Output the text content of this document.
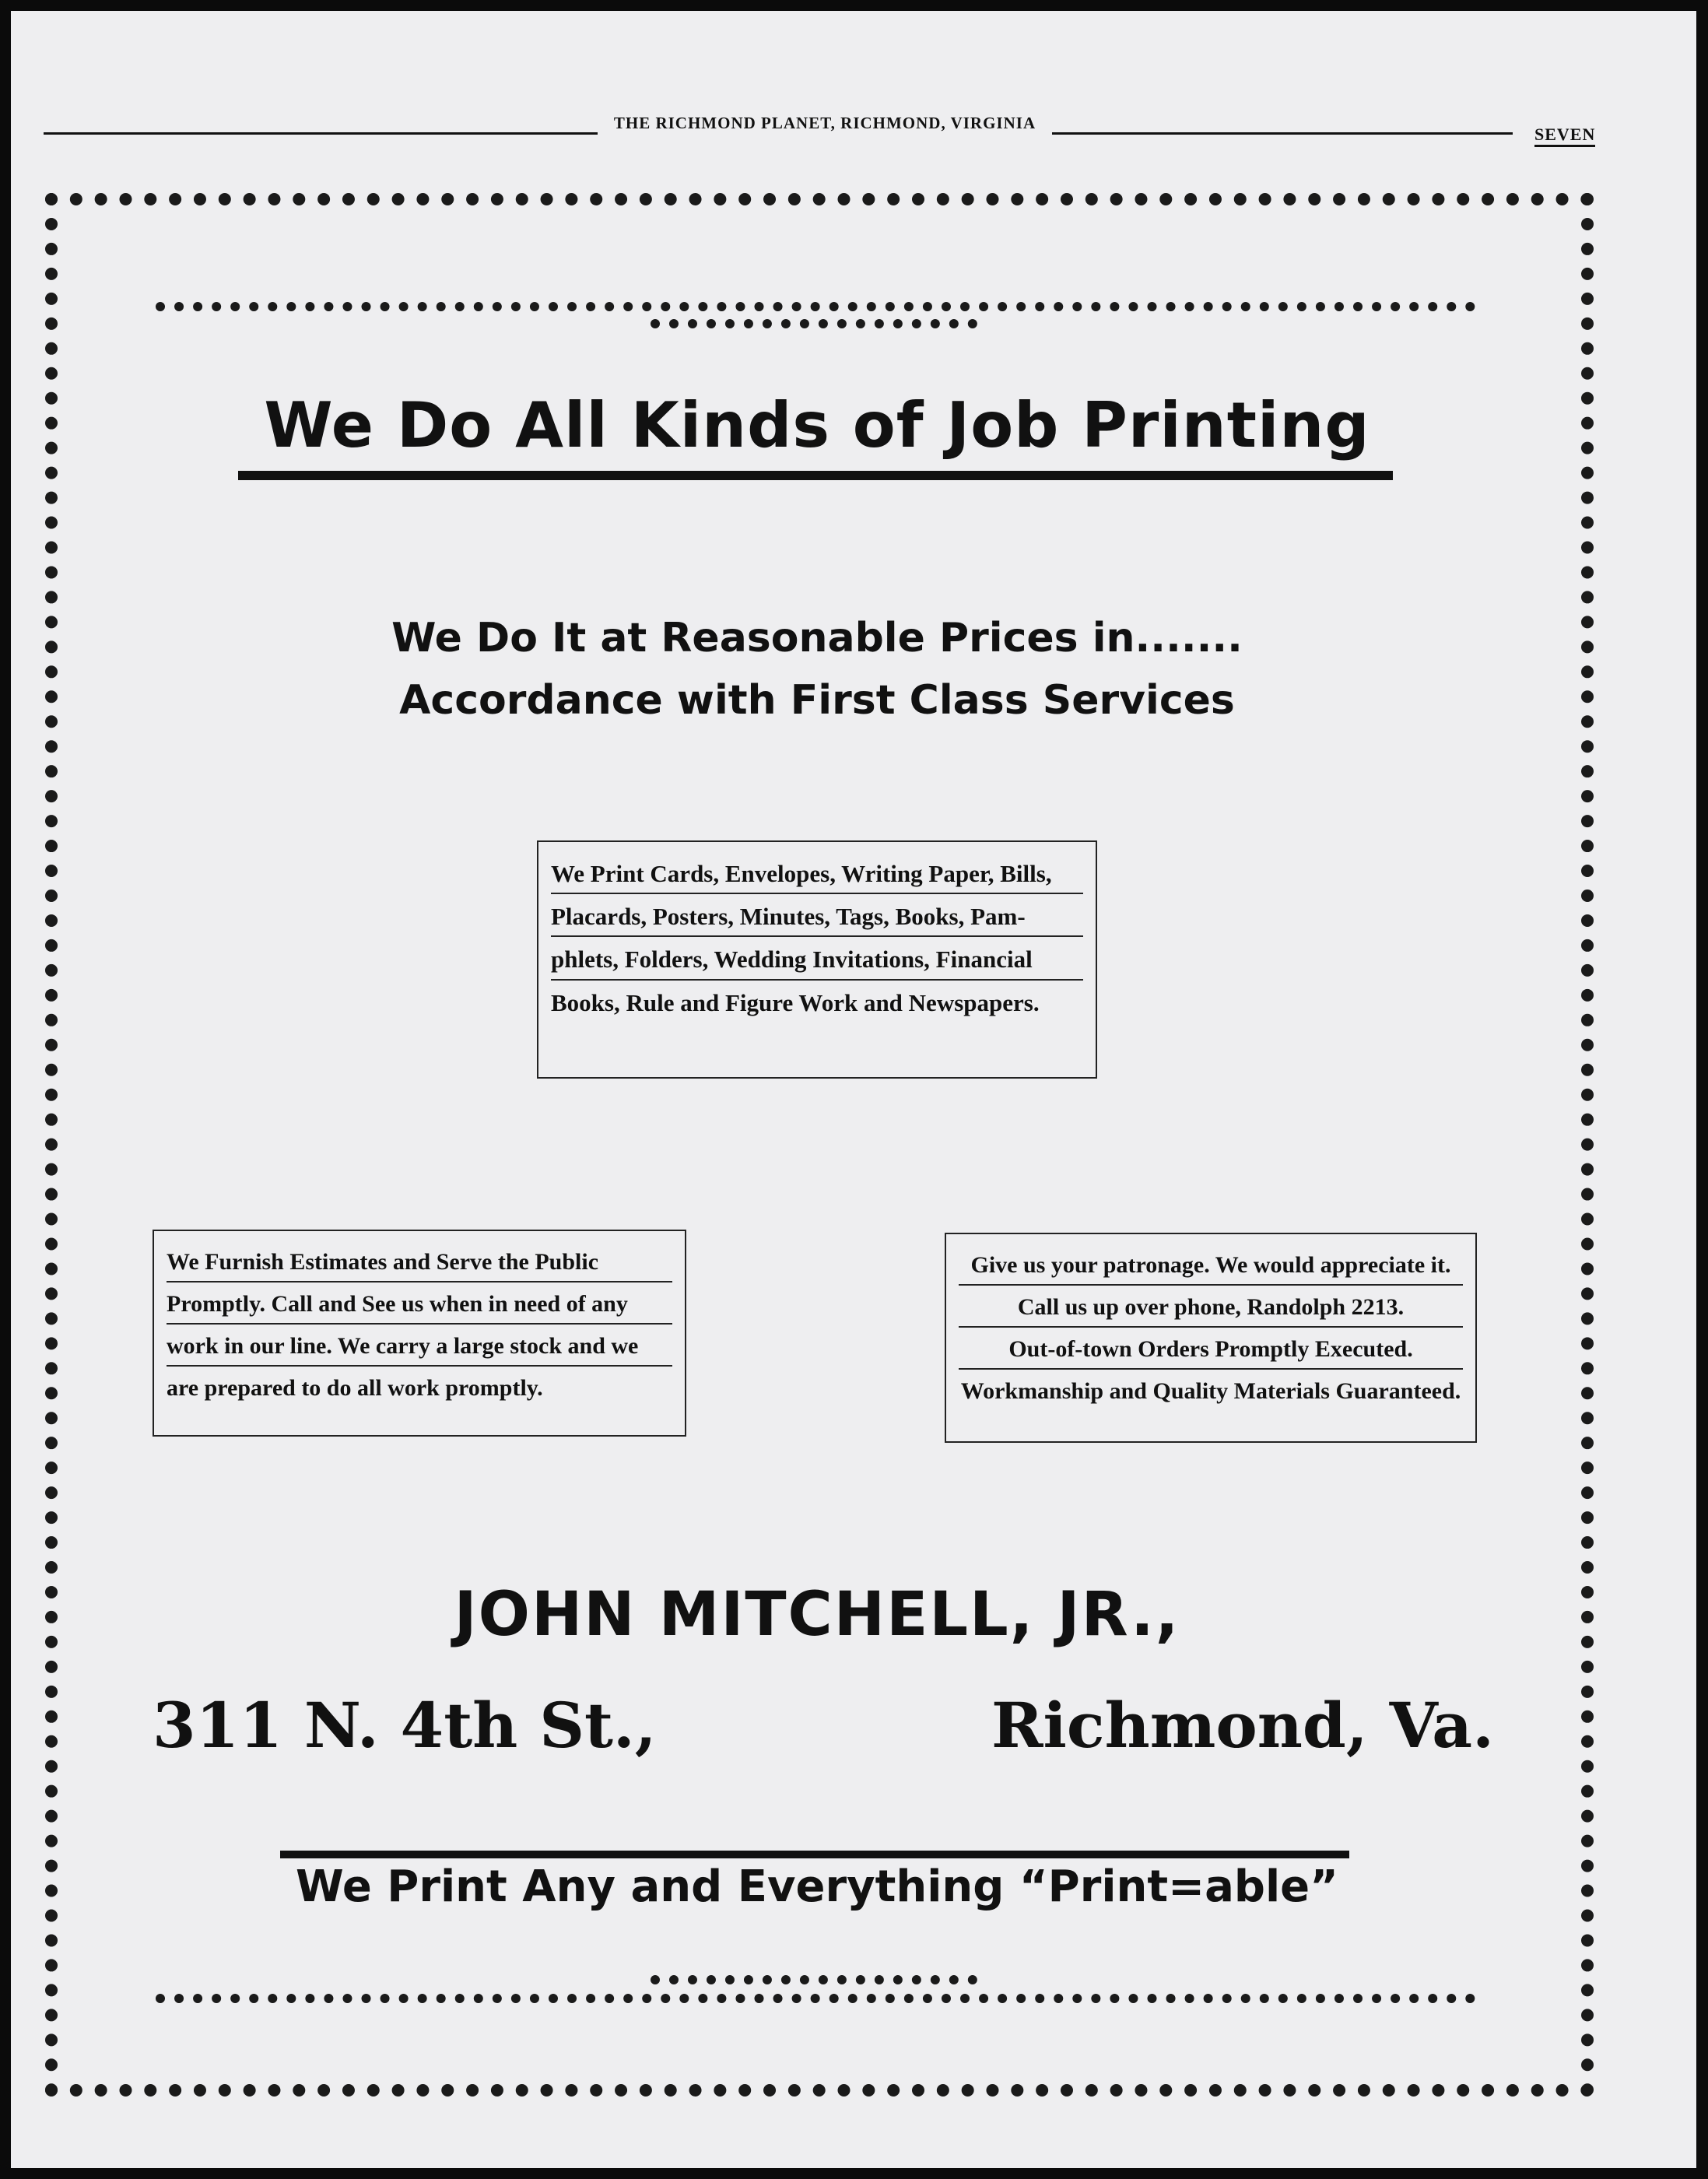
THE RICHMOND PLANET, RICHMOND, VIRGINIA
SEVEN
We Do All Kinds of Job Printing
We Do It at Reasonable Prices in.......
Accordance with First Class Services
We Print Cards, Envelopes, Writing Paper, Bills,
Placards, Posters, Minutes, Tags, Books, Pam-
phlets, Folders, Wedding Invitations, Financial
Books, Rule and Figure Work and Newspapers.
We Furnish Estimates and Serve the Public
Promptly. Call and See us when in need of any
work in our line. We carry a large stock and we
are prepared to do all work promptly.
Give us your patronage. We would appreciate it.
Call us up over phone, Randolph 2213.
Out-of-town Orders Promptly Executed.
Workmanship and Quality Materials Guaranteed.
JOHN MITCHELL, JR.,
311 N. 4th St.,	Richmond, Va.
We Print Any and Everything “Print=able”
